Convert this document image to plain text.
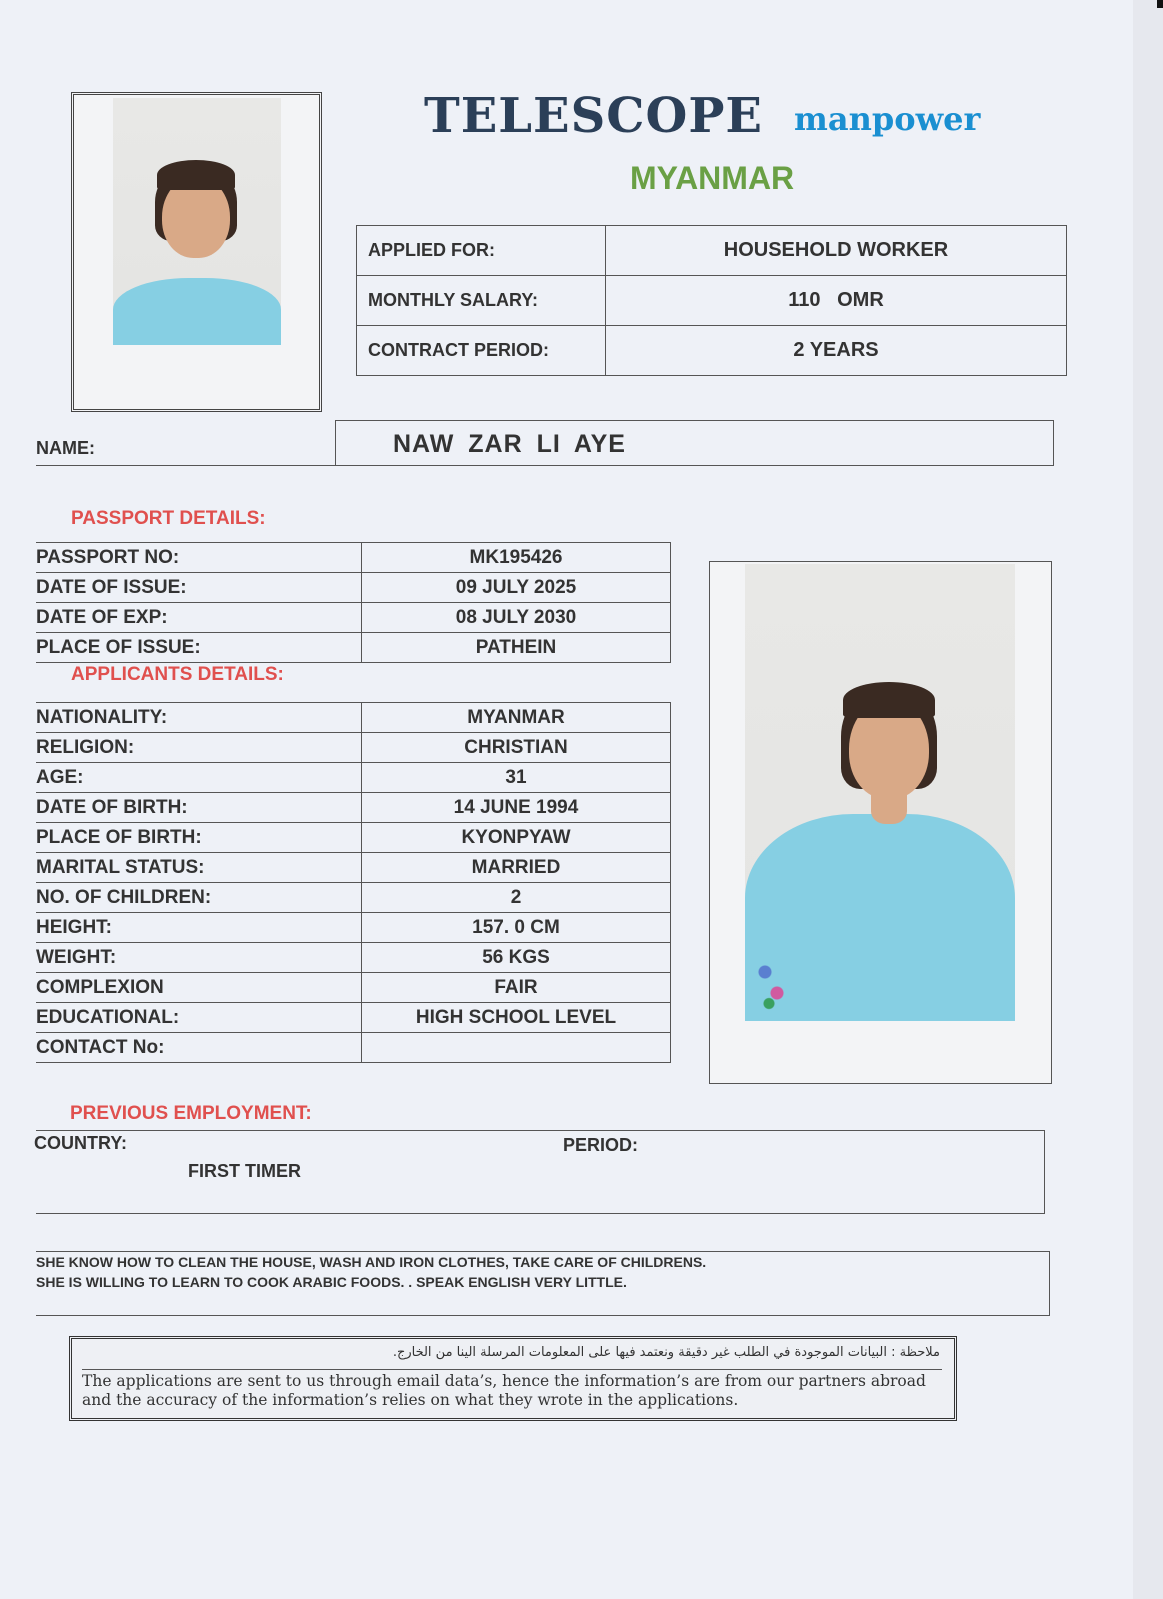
TELESCOPE manpower
MYANMAR
APPLIED FOR:	HOUSEHOLD WORKER
MONTHLY SALARY:	110   OMR
CONTRACT PERIOD:	2 YEARS
NAME:	NAW ZAR LI AYE
PASSPORT DETAILS:
PASSPORT NO:	MK195426
DATE OF ISSUE:	09 JULY 2025
DATE OF EXP:	08 JULY 2030
PLACE OF ISSUE:	PATHEIN
APPLICANTS DETAILS:
NATIONALITY:	MYANMAR
RELIGION:	CHRISTIAN
AGE:	31
DATE OF BIRTH:	14 JUNE 1994
PLACE OF BIRTH:	KYONPYAW
MARITAL STATUS:	MARRIED
NO. OF CHILDREN:	2
HEIGHT:	157. 0 CM
WEIGHT:	56 KGS
COMPLEXION	FAIR
EDUCATIONAL:	HIGH SCHOOL LEVEL
CONTACT No:	
PREVIOUS EMPLOYMENT:
COUNTRY:
FIRST TIMER
PERIOD:
SHE KNOW HOW TO CLEAN THE HOUSE, WASH AND IRON CLOTHES, TAKE CARE OF CHILDRENS.
SHE IS WILLING TO LEARN TO COOK ARABIC FOODS. . SPEAK ENGLISH VERY LITTLE.
ملاحظة : البيانات الموجودة في الطلب غير دقيقة ونعتمد فيها على المعلومات المرسلة الينا من الخارج.
The applications are sent to us through email data’s, hence the information’s are from our partners abroad and the accuracy of the information’s relies on what they wrote in the applications.
